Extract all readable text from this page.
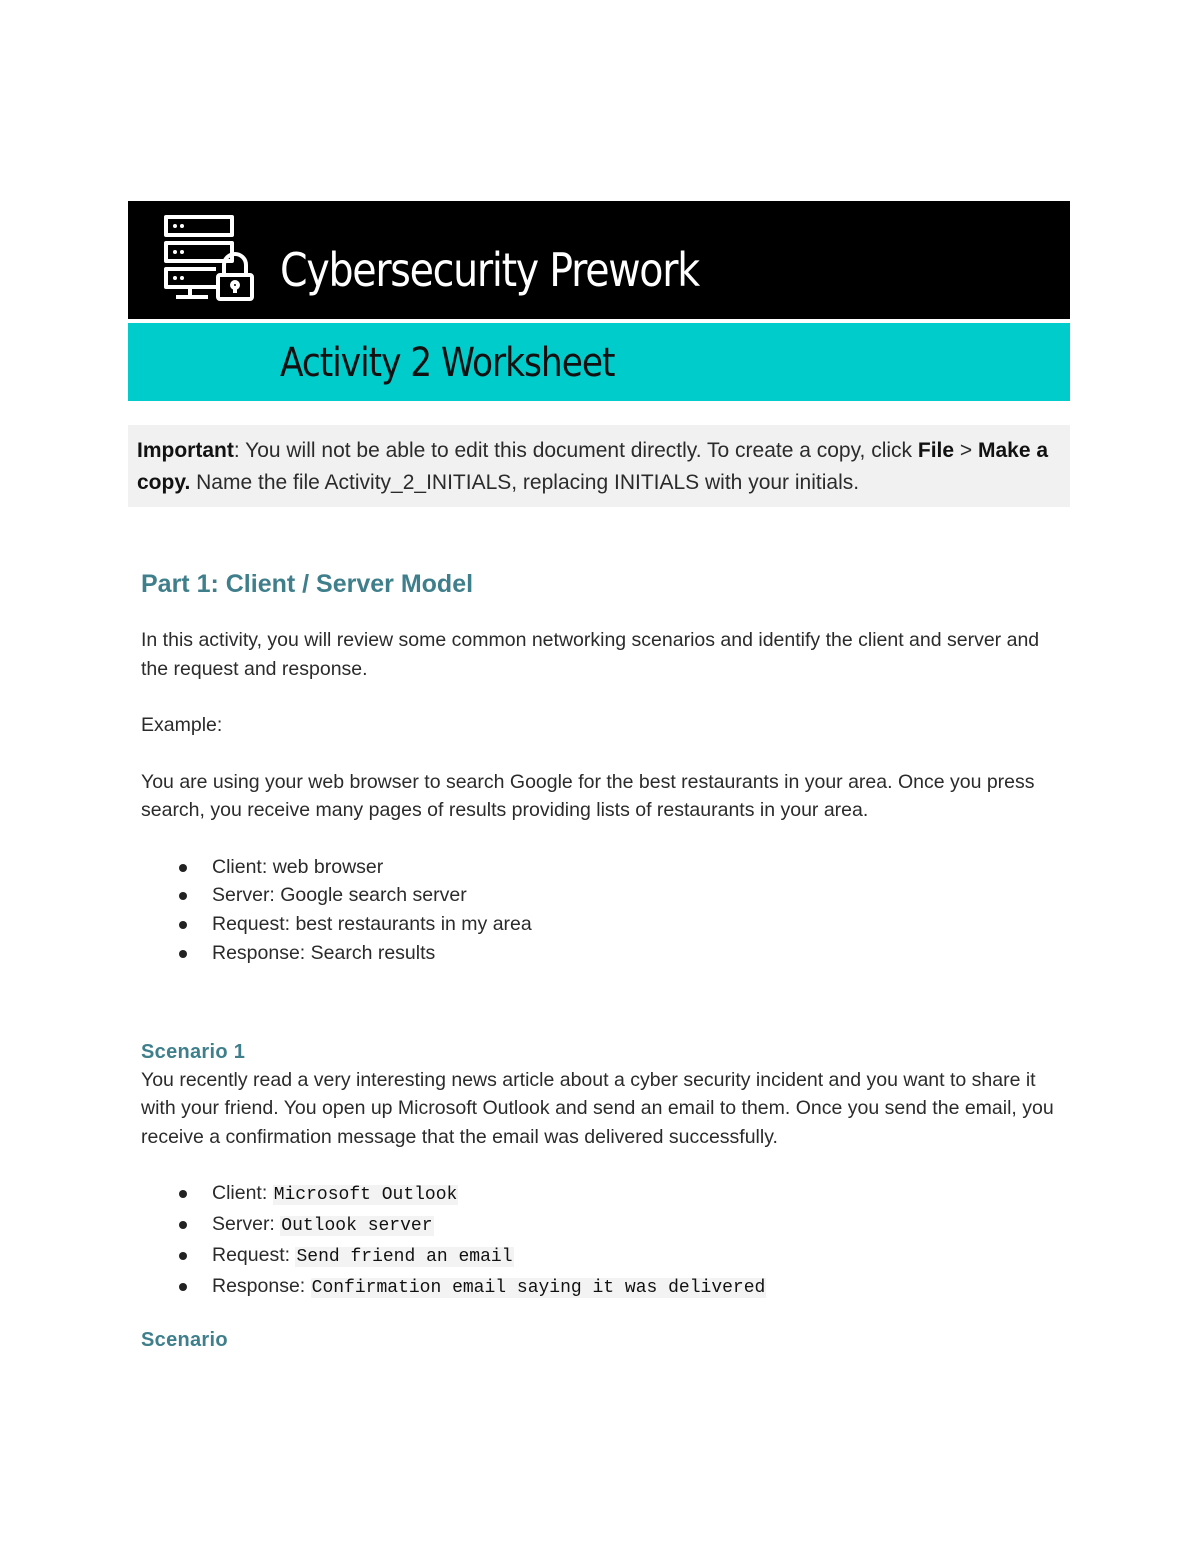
Cybersecurity Prework
Activity 2 Worksheet
Important: You will not be able to edit this document directly. To create a copy, click File > Make a copy. Name the file Activity_2_INITIALS, replacing INITIALS with your initials.
Part 1: Client / Server Model

In this activity, you will review some common networking scenarios and identify the client and server and the request and response.

Example:

You are using your web browser to search Google for the best restaurants in your area. Once you press search, you receive many pages of results providing lists of restaurants in your area.

Client: web browser
Server: Google search server
Request: best restaurants in my area
Response: Search results
Scenario 1

You recently read a very interesting news article about a cyber security incident and you want to share it with your friend. You open up Microsoft Outlook and send an email to them. Once you send the email, you receive a confirmation message that the email was delivered successfully.

Client: Microsoft Outlook
Server: Outlook server
Request: Send friend an email
Response: Confirmation email saying it was delivered
Scenario
